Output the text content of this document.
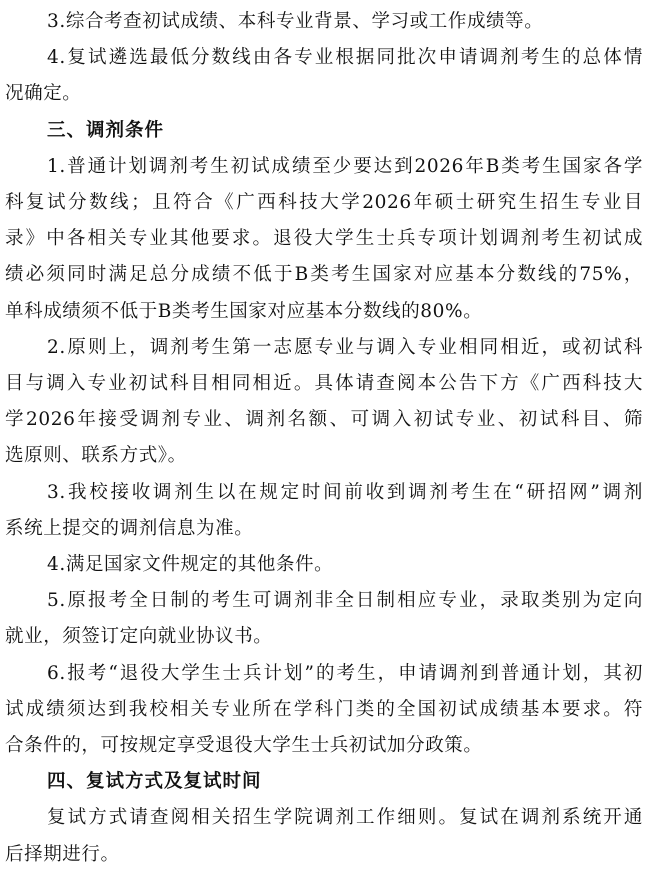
3.综合考查初试成绩、本科专业背景、学习或工作成绩等。
4.复试遴选最低分数线由各专业根据同批次申请调剂考生的总体情
况确定。
三、调剂条件
1.普通计划调剂考生初试成绩至少要达到2026年B类考生国家各学
科复试分数线；且符合《广西科技大学2026年硕士研究生招生专业目
录》中各相关专业其他要求。退役大学生士兵专项计划调剂考生初试成
绩必须同时满足总分成绩不低于B类考生国家对应基本分数线的75%，
单科成绩须不低于B类考生国家对应基本分数线的80%。
2.原则上，调剂考生第一志愿专业与调入专业相同相近，或初试科
目与调入专业初试科目相同相近。具体请查阅本公告下方《广西科技大
学2026年接受调剂专业、调剂名额、可调入初试专业、初试科目、筛
选原则、联系方式》。
3.我校接收调剂生以在规定时间前收到调剂考生在“研招网”调剂
系统上提交的调剂信息为准。
4.满足国家文件规定的其他条件。
5.原报考全日制的考生可调剂非全日制相应专业，录取类别为定向
就业，须签订定向就业协议书。
6.报考“退役大学生士兵计划”的考生，申请调剂到普通计划，其初
试成绩须达到我校相关专业所在学科门类的全国初试成绩基本要求。符
合条件的，可按规定享受退役大学生士兵初试加分政策。
四、复试方式及复试时间
复试方式请查阅相关招生学院调剂工作细则。复试在调剂系统开通
后择期进行。
